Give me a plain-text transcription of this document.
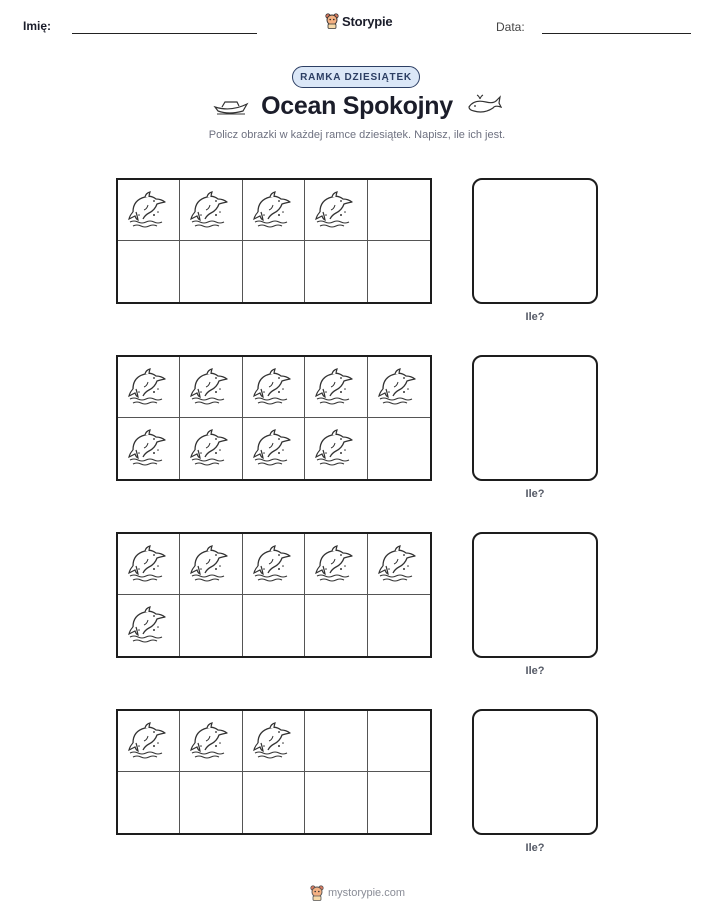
Imię:	Storypie	Data:
RAMKA DZIESIĄTEK
Ocean Spokojny
Policz obrazki w każdej ramce dziesiątek. Napisz, ile ich jest.
Ile?
Ile?
Ile?
Ile?
mystorypie.com
